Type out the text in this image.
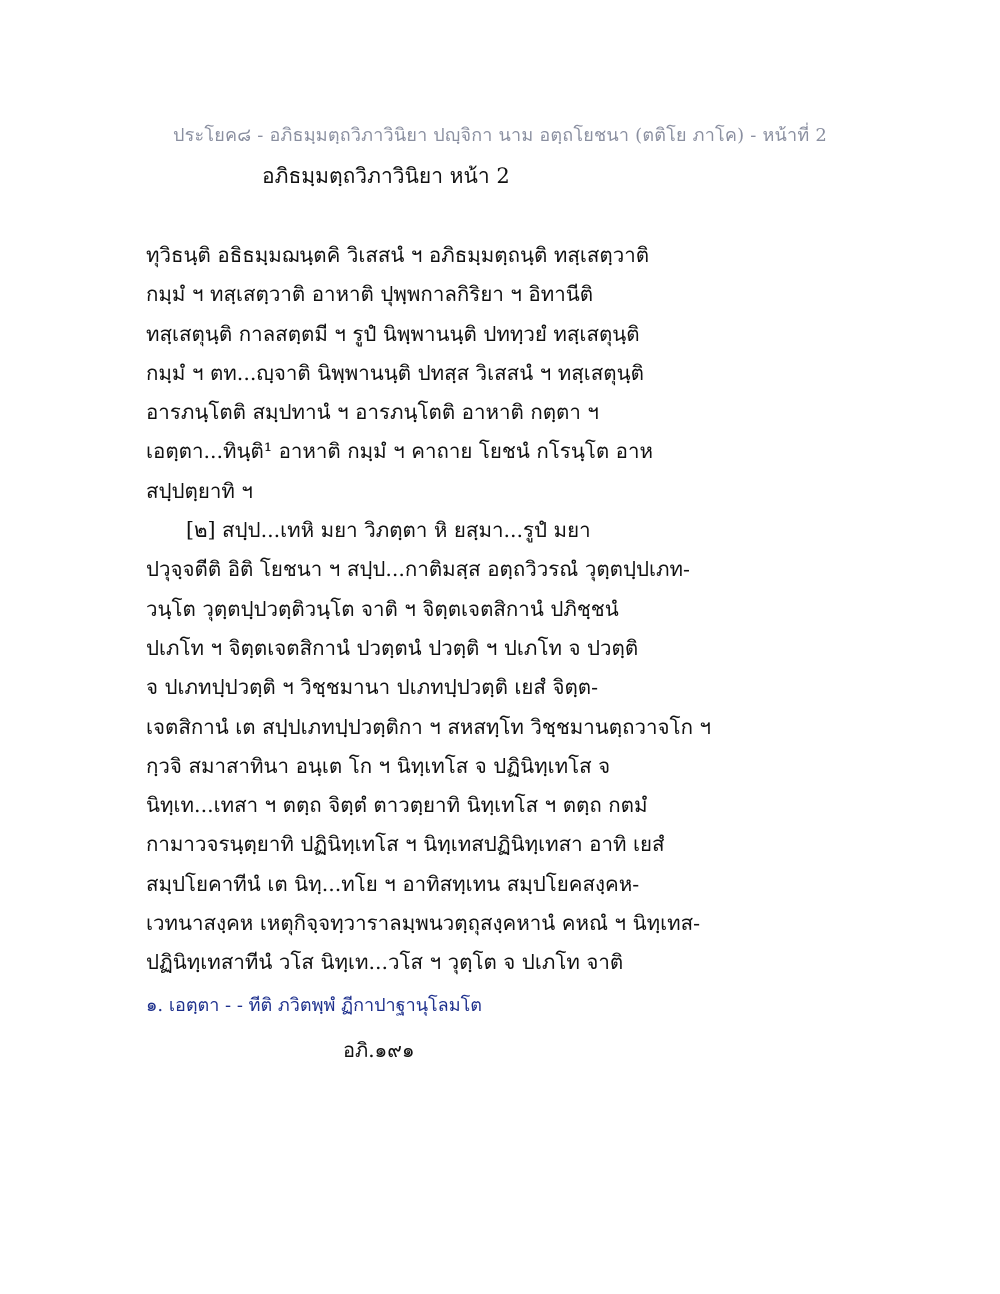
ประโยค๘ - อภิธมฺมตฺถวิภาวินิยา ปญฺจิกา นาม อตฺถโยชนา (ตติโย ภาโค) - หน้าที่ 2
อภิธมฺมตฺถวิภาวินิยา หน้า 2
ทุวิธนฺติ อธิธมฺมฌนฺตคิ วิเสสนํ ฯ อภิธมฺมตฺถนฺติ ทสฺเสตฺวาติ
กมฺมํ ฯ ทสฺเสตฺวาติ อาหาติ ปุพฺพกาลกิริยา ฯ อิทานีติ
ทสฺเสตุนฺติ กาลสตฺตมี ฯ รูปํ นิพฺพานนฺติ ปททฺวยํ ทสฺเสตุนฺติ
กมฺมํ ฯ ตท...ญฺจาติ นิพฺพานนฺติ ปทสฺส วิเสสนํ ฯ ทสฺเสตุนฺติ
อารภนฺโตติ สมฺปทานํ ฯ อารภนฺโตติ อาหาติ กตฺตา ฯ
เอตฺตา...ทินฺติ¹ อาหาติ กมฺมํ ฯ คาถาย โยชนํ กโรนฺโต อาห
สปฺปตฺยาทิ ฯ
[๒] สปฺป...เทหิ มยา วิภตฺตา หิ ยสฺมา...รูปํ มยา
ปวุจฺจตีติ อิติ โยชนา ฯ สปฺป...กาติมสฺส อตฺถวิวรณํ วุตฺตปฺปเภท-
วนฺโต วุตฺตปฺปวตฺติวนฺโต จาติ ฯ จิตฺตเจตสิกานํ ปภิชฺชนํ
ปเภโท ฯ จิตฺตเจตสิกานํ ปวตฺตนํ ปวตฺติ ฯ ปเภโท จ ปวตฺติ
จ ปเภทปฺปวตฺติ ฯ วิชฺชมานา ปเภทปฺปวตฺติ เยสํ จิตฺต-
เจตสิกานํ เต สปฺปเภทปฺปวตฺติกา ฯ สหสทฺโท วิชฺชมานตฺถวาจโก ฯ
กฺวจิ สมาสาทินา อนฺเต โก ฯ นิทฺเทโส จ ปฏินิทฺเทโส จ
นิทฺเท...เทสา ฯ ตตฺถ จิตฺตํ ตาวตฺยาทิ นิทฺเทโส ฯ ตตฺถ กตมํ
กามาวจรนฺตฺยาทิ ปฏินิทฺเทโส ฯ นิทฺเทสปฏินิทฺเทสา อาทิ เยสํ
สมฺปโยคาทีนํ เต นิทฺ...ทโย ฯ อาทิสทฺเทน สมฺปโยคสงฺคห-
เวทนาสงฺคห เหตุกิจฺจทฺวาราลมฺพนวตฺถุสงฺคหานํ คหณํ ฯ นิทฺเทส-
ปฏินิทฺเทสาทีนํ วโส นิทฺเท...วโส ฯ วุตฺโต จ ปเภโท จาติ
๑. เอตฺตา - - ทีติ ภวิตพฺพํ ฏีกาปาฐานุโลมโต
อภิ.๑๙๑
